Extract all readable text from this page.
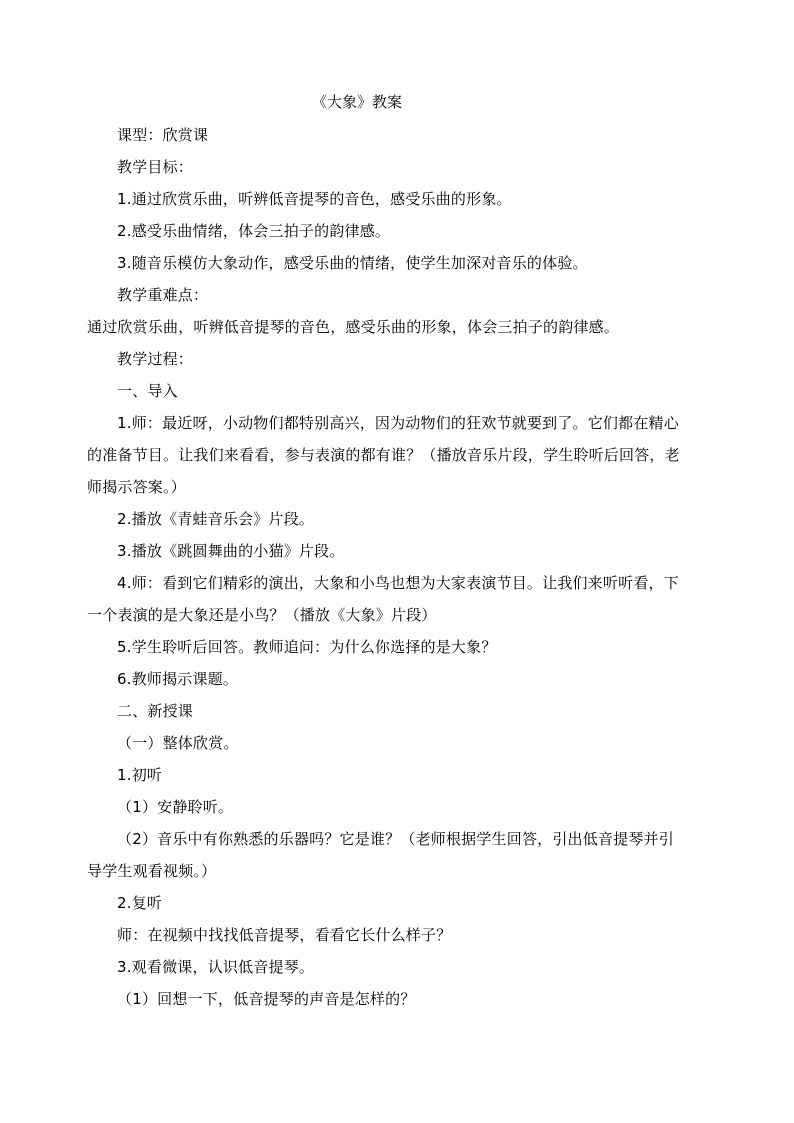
《大象》教案
课型：欣赏课
教学目标：
1.通过欣赏乐曲，听辨低音提琴的音色，感受乐曲的形象。
2.感受乐曲情绪，体会三拍子的韵律感。
3.随音乐模仿大象动作，感受乐曲的情绪，使学生加深对音乐的体验。
教学重难点：
通过欣赏乐曲，听辨低音提琴的音色，感受乐曲的形象，体会三拍子的韵律感。
教学过程：
一、导入
1.师：最近呀，小动物们都特别高兴，因为动物们的狂欢节就要到了。它们都在精心
的准备节目。让我们来看看，参与表演的都有谁？（播放音乐片段，学生聆听后回答，老
师揭示答案。）
2.播放《青蛙音乐会》片段。
3.播放《跳圆舞曲的小猫》片段。
4.师：看到它们精彩的演出，大象和小鸟也想为大家表演节目。让我们来听听看，下
一个表演的是大象还是小鸟？（播放《大象》片段）
5.学生聆听后回答。教师追问：为什么你选择的是大象？
6.教师揭示课题。
二、新授课
（一）整体欣赏。
1.初听
（1）安静聆听。
（2）音乐中有你熟悉的乐器吗？它是谁？（老师根据学生回答，引出低音提琴并引
导学生观看视频。）
2.复听
师：在视频中找找低音提琴，看看它长什么样子？
3.观看微课，认识低音提琴。
（1）回想一下，低音提琴的声音是怎样的？
